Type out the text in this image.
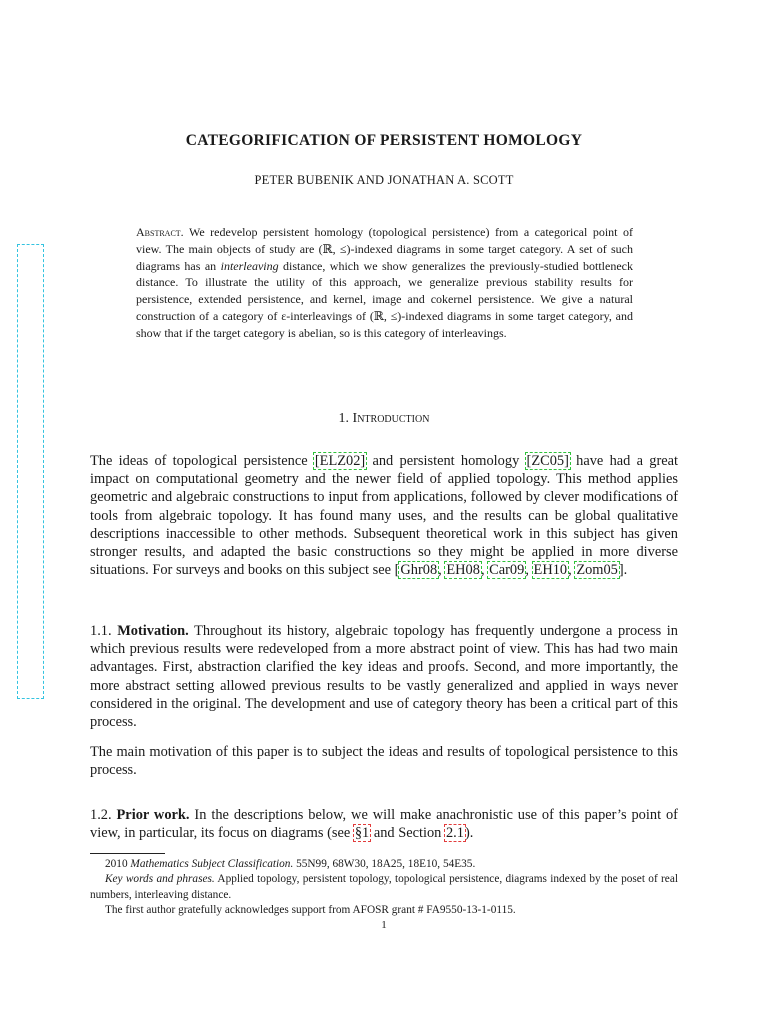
CATEGORIFICATION OF PERSISTENT HOMOLOGY
PETER BUBENIK AND JONATHAN A. SCOTT
Abstract. We redevelop persistent homology (topological persistence) from a categorical point of view. The main objects of study are (ℝ, ≤)-indexed diagrams in some target category. A set of such diagrams has an interleaving distance, which we show generalizes the previously-studied bottleneck distance. To illustrate the utility of this approach, we generalize previous stability results for persistence, extended persistence, and kernel, image and cokernel persistence. We give a natural construction of a category of ε-interleavings of (ℝ, ≤)-indexed diagrams in some target category, and show that if the target category is abelian, so is this category of interleavings.
1. Introduction
The ideas of topological persistence [ELZ02] and persistent homology [ZC05] have had a great impact on computational geometry and the newer field of applied topology. This method applies geometric and algebraic constructions to input from applications, followed by clever modifications of tools from algebraic topology. It has found many uses, and the results can be global qualitative descriptions inaccessible to other methods. Subsequent theoretical work in this subject has given stronger results, and adapted the basic constructions so they might be applied in more diverse situations. For surveys and books on this subject see [Ghr08, EH08, Car09, EH10, Zom05].
1.1. Motivation. Throughout its history, algebraic topology has frequently undergone a process in which previous results were redeveloped from a more abstract point of view. This has had two main advantages. First, abstraction clarified the key ideas and proofs. Second, and more importantly, the more abstract setting allowed previous results to be vastly generalized and applied in ways never considered in the original. The development and use of category theory has been a critical part of this process.
The main motivation of this paper is to subject the ideas and results of topological persistence to this process.
1.2. Prior work. In the descriptions below, we will make anachronistic use of this paper’s point of view, in particular, its focus on diagrams (see §1 and Section 2.1).
2010 Mathematics Subject Classification. 55N99, 68W30, 18A25, 18E10, 54E35.
Key words and phrases. Applied topology, persistent topology, topological persistence, diagrams indexed by the poset of real numbers, interleaving distance.
The first author gratefully acknowledges support from AFOSR grant # FA9550-13-1-0115.
1
